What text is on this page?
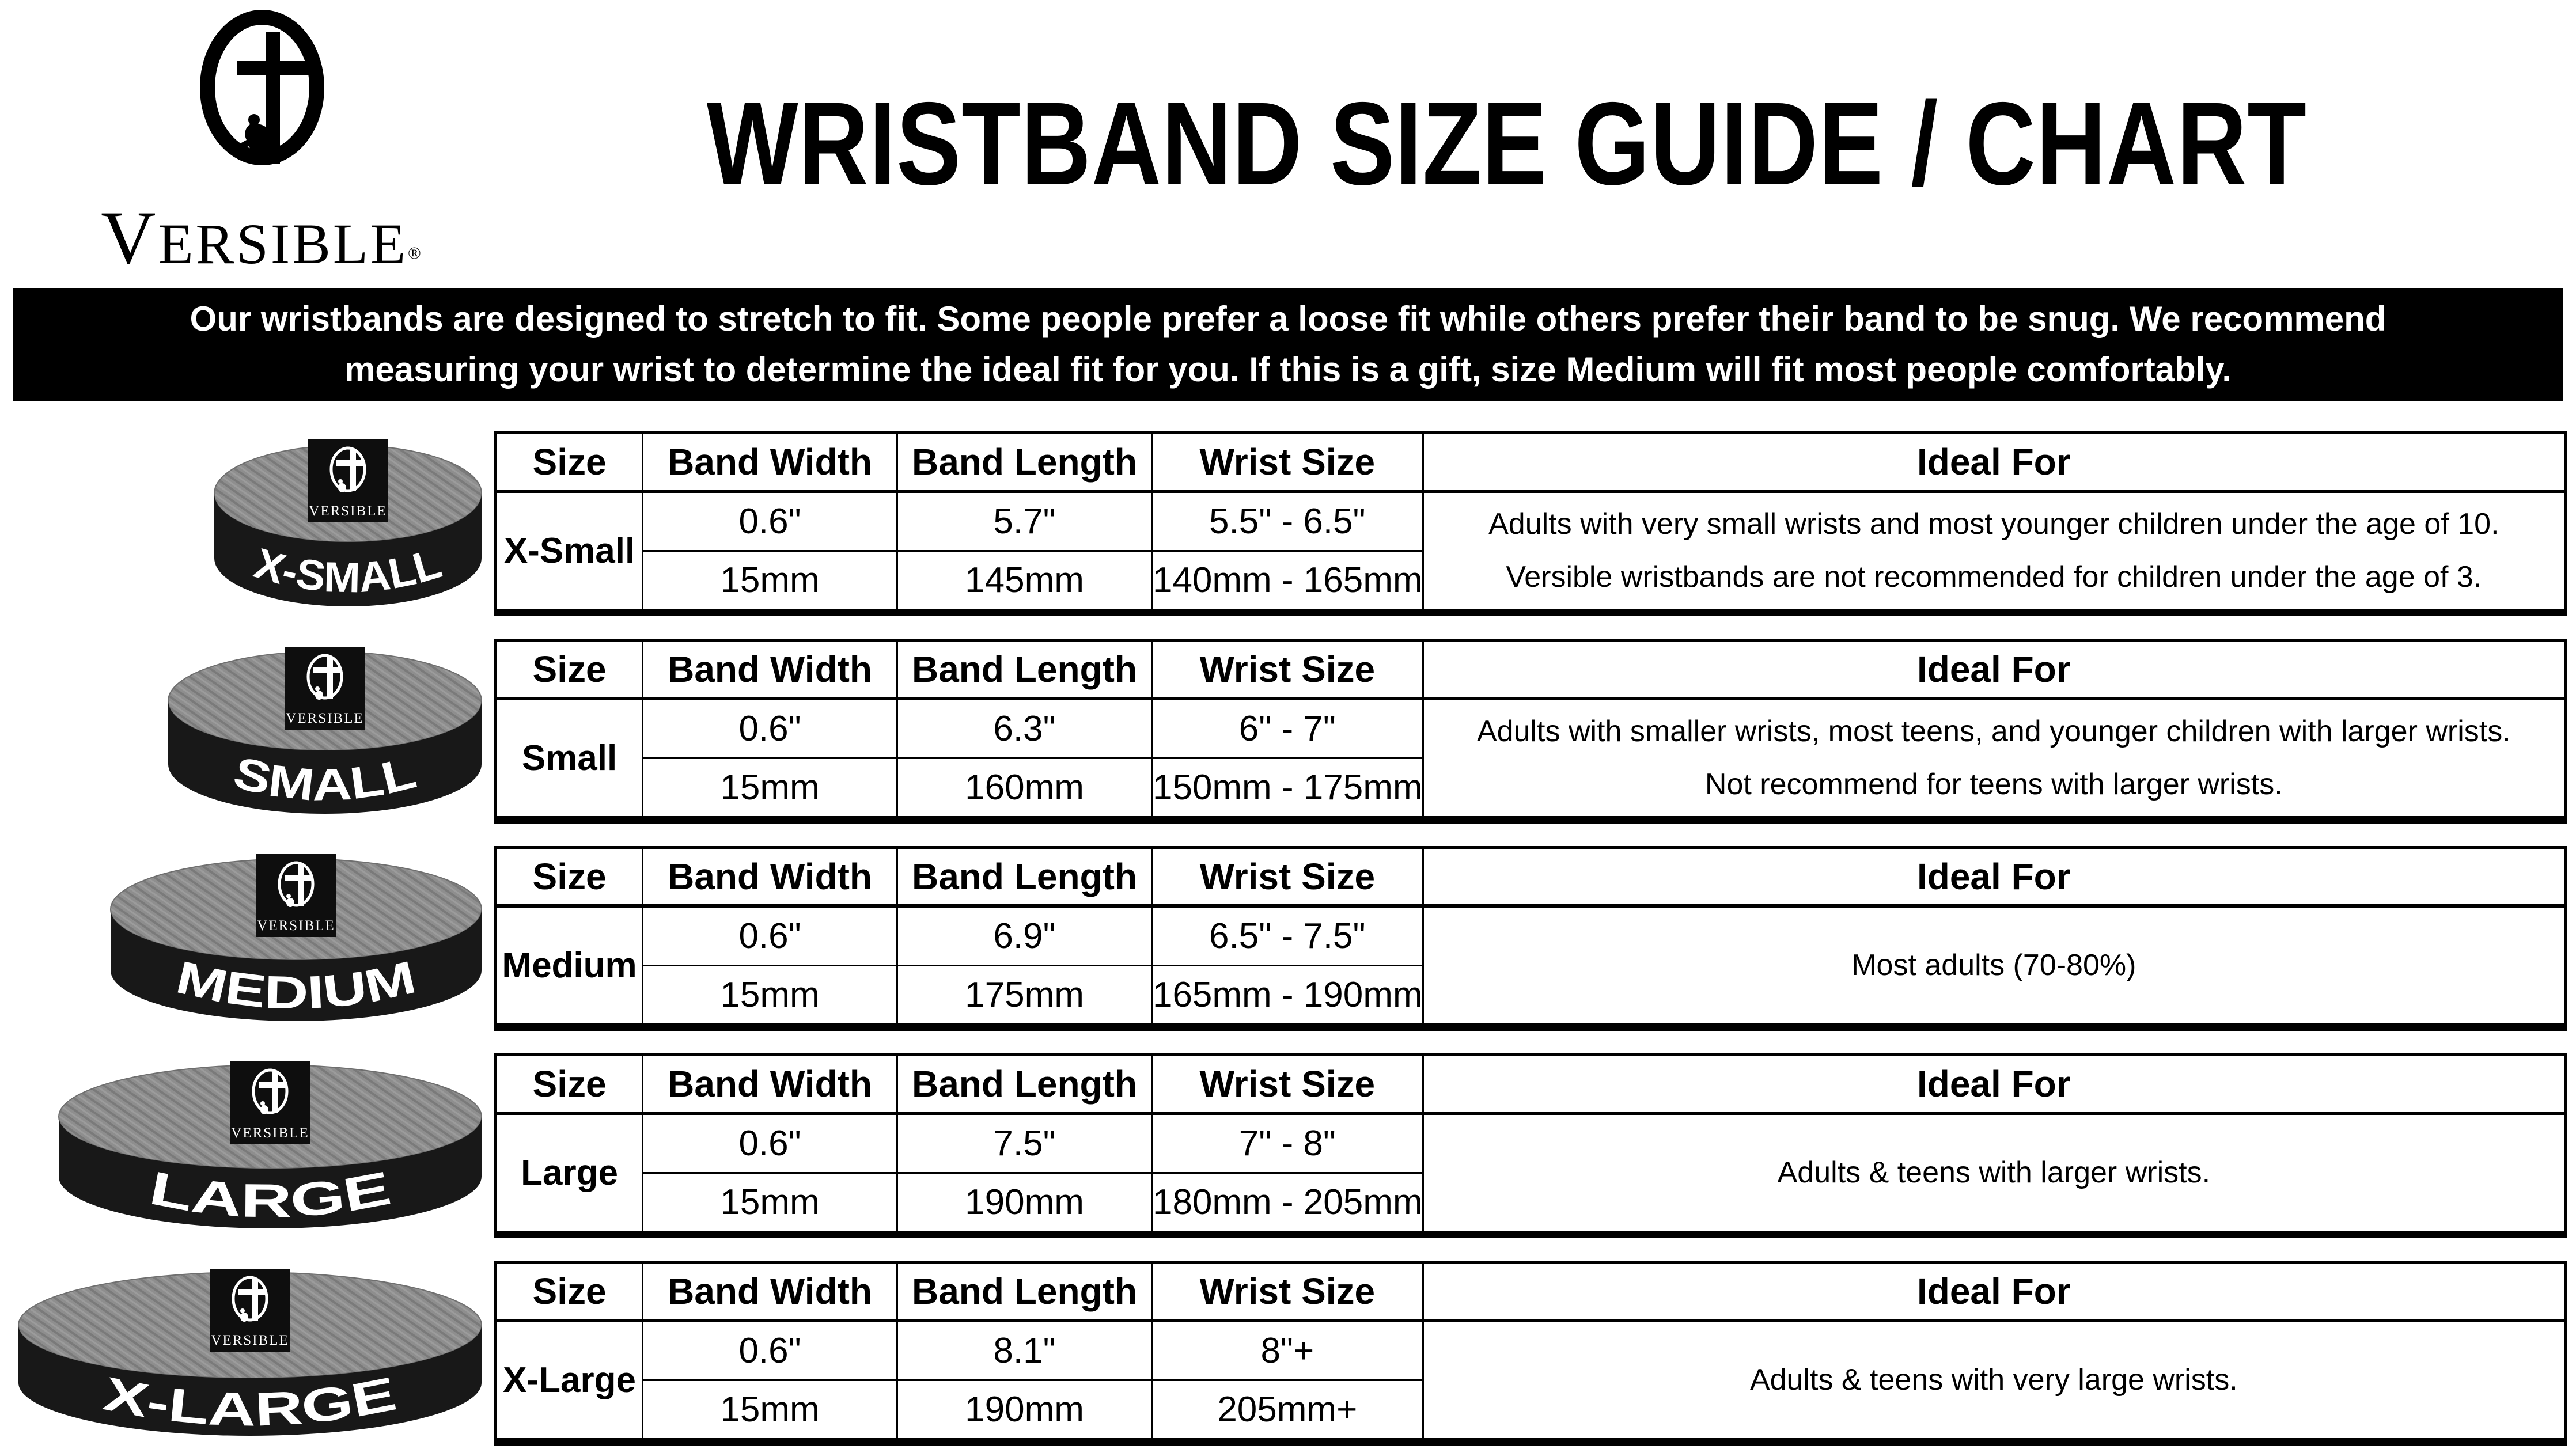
VERSIBLE®
WRISTBAND SIZE GUIDE / CHART
Our wristbands are designed to stretch to fit. Some people prefer a loose fit while others prefer their band to be snug. We recommend
measuring your wrist to determine the ideal fit for you. If this is a gift, size Medium will fit most people comfortably.
VERSIBLE
X-SMALL
Size	Band Width	Band Length	Wrist Size	Ideal For
X-Small	0.6"	5.7"	5.5" - 6.5"	Adults with very small wrists and most younger children under the age of 10.
Versible wristbands are not recommended for children under the age of 3.

	15mm	145mm	140mm - 165mm	
VERSIBLE
SMALL
Size	Band Width	Band Length	Wrist Size	Ideal For
Small	0.6"	6.3"	6" - 7"	Adults with smaller wrists, most teens, and younger children with larger wrists.
Not recommend for teens with larger wrists.

	15mm	160mm	150mm - 175mm	
VERSIBLE
MEDIUM
Size	Band Width	Band Length	Wrist Size	Ideal For
Medium	0.6"	6.9"	6.5" - 7.5"	Most adults (70-80%)

	15mm	175mm	165mm - 190mm	
VERSIBLE
LARGE
Size	Band Width	Band Length	Wrist Size	Ideal For
Large	0.6"	7.5"	7" - 8"	Adults & teens with larger wrists.

	15mm	190mm	180mm - 205mm	
VERSIBLE
X-LARGE
Size	Band Width	Band Length	Wrist Size	Ideal For
X-Large	0.6"	8.1"	8"+	Adults & teens with very large wrists.

	15mm	190mm	205mm+	
